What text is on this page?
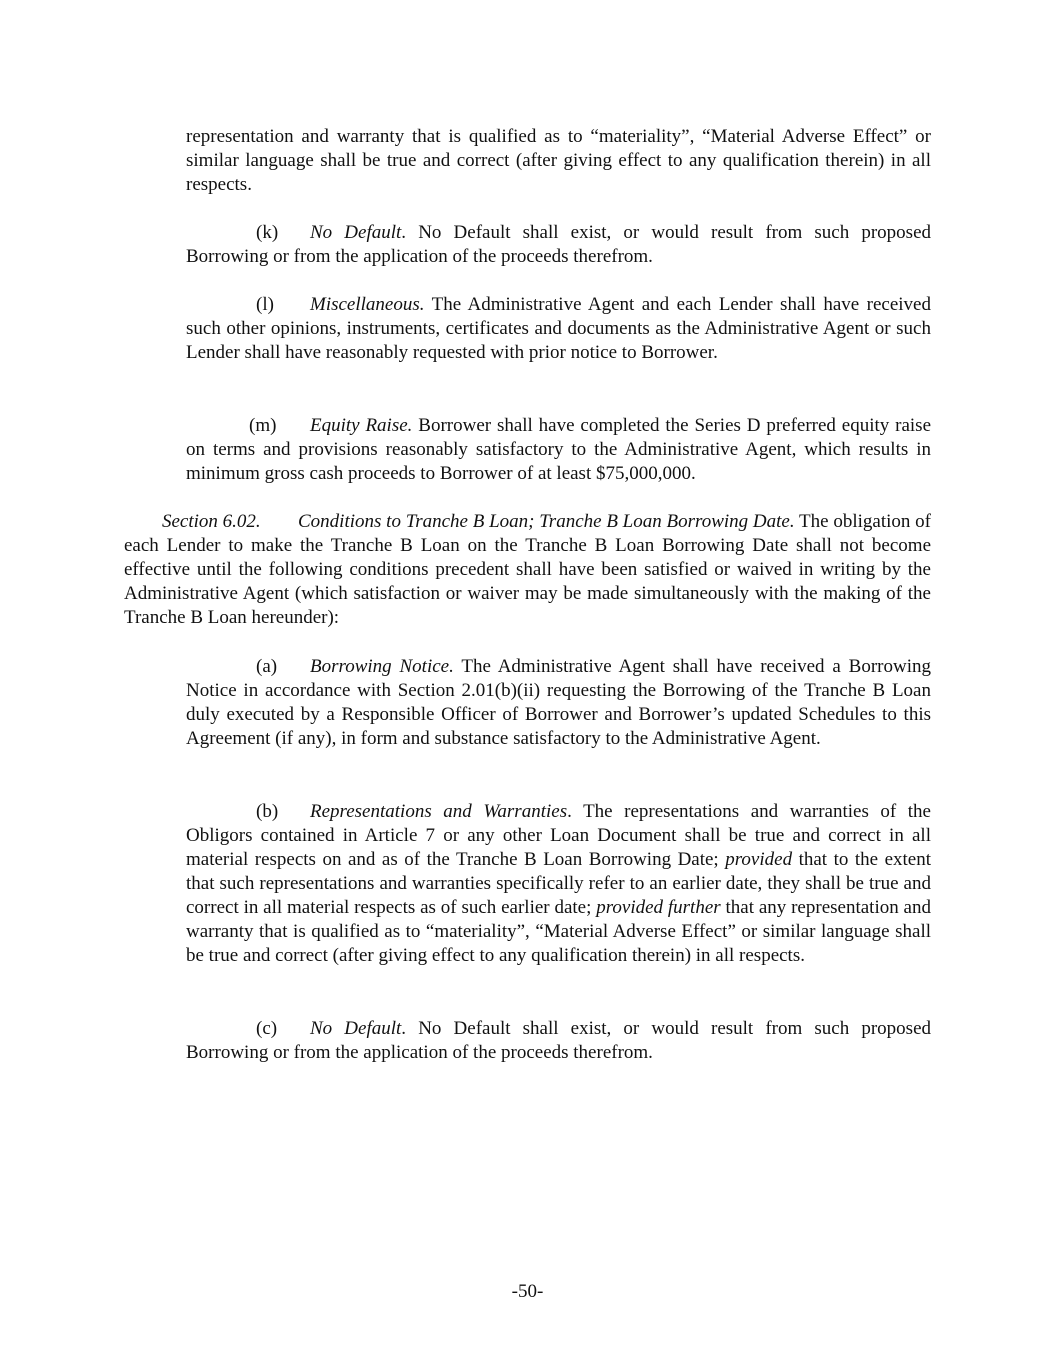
representation and warranty that is qualified as to “materiality”, “Material Adverse Effect” or similar language shall be true and correct (after giving effect to any qualification therein) in all respects.

(k) No Default. No Default shall exist, or would result from such proposed Borrowing or from the application of the proceeds therefrom.

(l) Miscellaneous. The Administrative Agent and each Lender shall have received such other opinions, instruments, certificates and documents as the Administrative Agent or such Lender shall have reasonably requested with prior notice to Borrower.

(m) Equity Raise. Borrower shall have completed the Series D preferred equity raise on terms and provisions reasonably satisfactory to the Administrative Agent, which results in minimum gross cash proceeds to Borrower of at least $75,000,000.

Section 6.02. Conditions to Tranche B Loan; Tranche B Loan Borrowing Date. The obligation of each Lender to make the Tranche B Loan on the Tranche B Loan Borrowing Date shall not become effective until the following conditions precedent shall have been satisfied or waived in writing by the Administrative Agent (which satisfaction or waiver may be made simultaneously with the making of the Tranche B Loan hereunder):

(a) Borrowing Notice. The Administrative Agent shall have received a Borrowing Notice in accordance with Section 2.01(b)(ii) requesting the Borrowing of the Tranche B Loan duly executed by a Responsible Officer of Borrower and Borrower’s updated Schedules to this Agreement (if any), in form and substance satisfactory to the Administrative Agent.

(b) Representations and Warranties. The representations and warranties of the Obligors contained in Article 7 or any other Loan Document shall be true and correct in all material respects on and as of the Tranche B Loan Borrowing Date; provided that to the extent that such representations and warranties specifically refer to an earlier date, they shall be true and correct in all material respects as of such earlier date; provided further that any representation and warranty that is qualified as to “materiality”, “Material Adverse Effect” or similar language shall be true and correct (after giving effect to any qualification therein) in all respects.

(c) No Default. No Default shall exist, or would result from such proposed Borrowing or from the application of the proceeds therefrom.

-50-
